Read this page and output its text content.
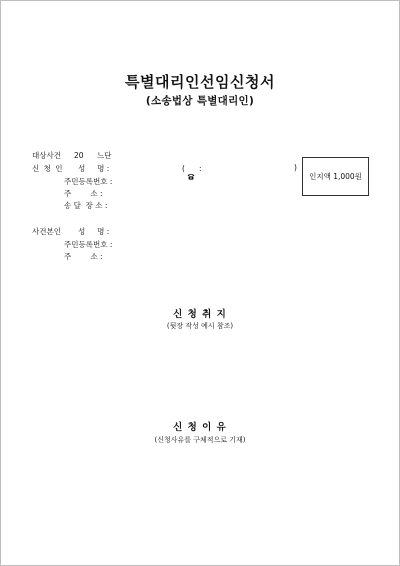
특별대리인선임신청서
(소송법상 특별대리인)
대상사건 20 느단
신 청 인 성     명 :	( :	)
인지액 1,000원
주민등록번호 :
주        소 :
송 달  장 소 :
사건본인 성     명 :
주민등록번호 :
주        소 :
신 청 취 지
(뒷장 작성 예시 참조)
신 청 이 유
(신청사유를 구체적으로 기재)
